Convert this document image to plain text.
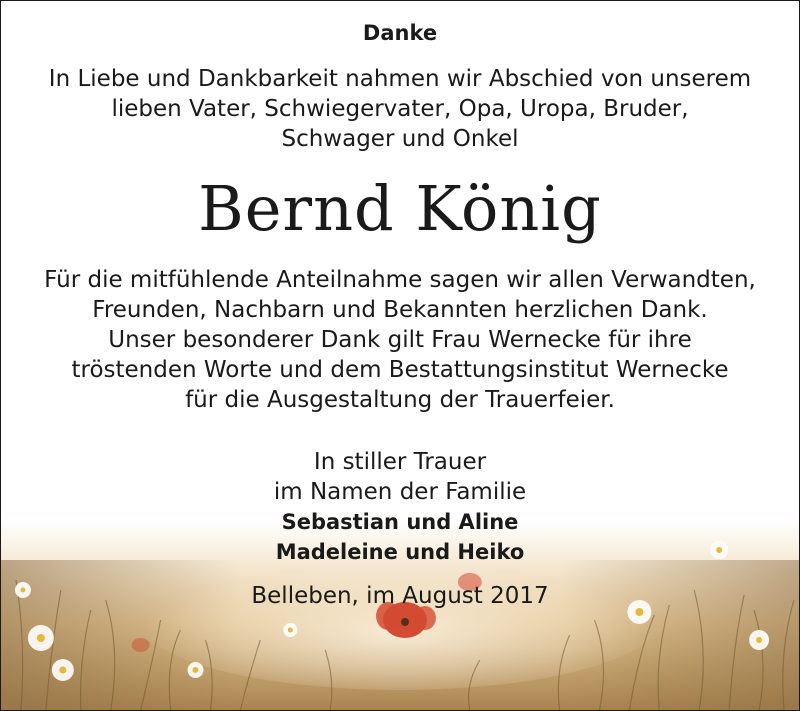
Danke
In Liebe und Dankbarkeit nahmen wir Abschied von unserem
lieben Vater, Schwiegervater, Opa, Uropa, Bruder,
Schwager und Onkel
Bernd König
Für die mitfühlende Anteilnahme sagen wir allen Verwandten,
Freunden, Nachbarn und Bekannten herzlichen Dank.
Unser besonderer Dank gilt Frau Wernecke für ihre
tröstenden Worte und dem Bestattungsinstitut Wernecke
für die Ausgestaltung der Trauerfeier.
In stiller Trauer
im Namen der Familie
Sebastian und Aline
Madeleine und Heiko
Belleben, im August 2017
